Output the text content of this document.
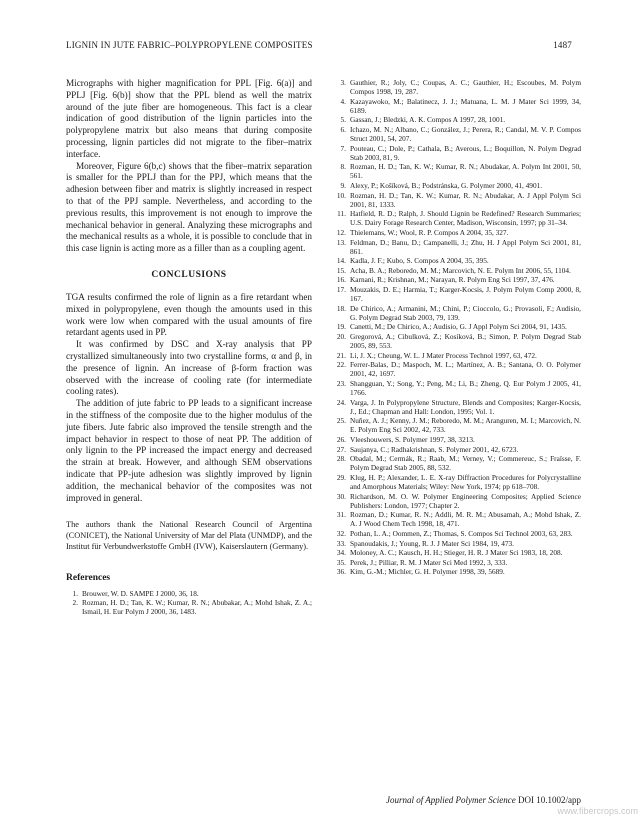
LIGNIN IN JUTE FABRIC–POLYPROPYLENE COMPOSITES	1487

Micrographs with higher magnification for PPL [Fig. 6(a)] and PPLJ [Fig. 6(b)] show that the PPL blend as well the matrix around of the jute fiber are homogeneous. This fact is a clear indication of good distribution of the lignin particles into the polypropylene matrix but also means that during composite processing, lignin particles did not migrate to the fiber–matrix interface.

Moreover, Figure 6(b,c) shows that the fiber–matrix separation is smaller for the PPLJ than for the PPJ, which means that the adhesion between fiber and matrix is slightly increased in respect to that of the PPJ sample. Nevertheless, and according to the previous results, this improvement is not enough to improve the mechanical behavior in general. Analyzing these micrographs and the mechanical results as a whole, it is possible to conclude that in this case lignin is acting more as a filler than as a coupling agent.

CONCLUSIONS

TGA results confirmed the role of lignin as a fire retardant when mixed in polypropylene, even though the amounts used in this work were low when compared with the usual amounts of fire retardant agents used in PP.

It was confirmed by DSC and X-ray analysis that PP crystallized simultaneously into two crystalline forms, α and β, in the presence of lignin. An increase of β-form fraction was observed with the increase of cooling rate (for intermediate cooling rates).

The addition of jute fabric to PP leads to a significant increase in the stiffness of the composite due to the higher modulus of the jute fibers. Jute fabric also improved the tensile strength and the impact behavior in respect to those of neat PP. The addition of only lignin to the PP increased the impact energy and decreased the strain at break. However, and although SEM observations indicate that PP-jute adhesion was slightly improved by lignin addition, the mechanical behavior of the composites was not improved in general.

The authors thank the National Research Council of Argentina (CONICET), the National University of Mar del Plata (UNMDP), and the Institut für Verbundwerkstoffe GmbH (IVW), Kaiserslautern (Germany).

References
1. Brouwer, W. D. SAMPE J 2000, 36, 18.
2. Rozman, H. D.; Tan, K. W.; Kumar, R. N.; Abubakar, A.; Mohd Ishak, Z. A.; Ismail, H. Eur Polym J 2000, 36, 1483.
3. Gauthier, R.; Joly, C.; Coupas, A. C.; Gauthier, H.; Escoubes, M. Polym Compos 1998, 19, 287.
4. Kazayawoko, M.; Balatinecz, J. J.; Matuana, L. M. J Mater Sci 1999, 34, 6189.
5. Gassan, J.; Bledzki, A. K. Compos A 1997, 28, 1001.
6. Ichazo, M. N.; Albano, C.; González, J.; Perera, R.; Candal, M. V. P. Compos Struct 2001, 54, 207.
7. Pouteau, C.; Dole, P.; Cathala, B.; Averous, L.; Boquillon, N. Polym Degrad Stab 2003, 81, 9.
8. Rozman, H. D.; Tan, K. W.; Kumar, R. N.; Abudakar, A. Polym Int 2001, 50, 561.
9. Alexy, P.; Košíková, B.; Podstránska, G. Polymer 2000, 41, 4901.
10. Rozman, H. D.; Tan, K. W.; Kumar, R. N.; Abudakar, A. J Appl Polym Sci 2001, 81, 1333.
11. Hatfield, R. D.; Ralph, J. Should Lignin be Redefined? Research Summaries; U.S. Dairy Forage Research Center, Madison, Wisconsin, 1997; pp 31–34.
12. Thielemans, W.; Wool, R. P. Compos A 2004, 35, 327.
13. Feldman, D.; Banu, D.; Campanelli, J.; Zhu, H. J Appl Polym Sci 2001, 81, 861.
14. Kadla, J. F.; Kubo, S. Compos A 2004, 35, 395.
15. Acha, B. A.; Reboredo, M. M.; Marcovich, N. E. Polym Int 2006, 55, 1104.
16. Karnani, R.; Krishnan, M.; Narayan, R. Polym Eng Sci 1997, 37, 476.
17. Mouzakis, D. E.; Harmia, T.; Karger-Kocsis, J. Polym Polym Comp 2000, 8, 167.
18. De Chirico, A.; Armanini, M.; Chini, P.; Cioccolo, G.; Provasoli, F.; Audisio, G. Polym Degrad Stab 2003, 79, 139.
19. Canetti, M.; De Chirico, A.; Audisio, G. J Appl Polym Sci 2004, 91, 1435.
20. Gregorová, A.; Cibulková, Z.; Kosíková, B.; Simon, P. Polym Degrad Stab 2005, 89, 553.
21. Li, J. X.; Cheung, W. L. J Mater Process Technol 1997, 63, 472.
22. Ferrer-Balas, D.; Maspoch, M. L.; Martínez, A. B.; Santana, O. O. Polymer 2001, 42, 1697.
23. Shangguan, Y.; Song, Y.; Peng, M.; Li, B.; Zheng, Q. Eur Polym J 2005, 41, 1766.
24. Varga, J. In Polypropylene Structure, Blends and Composites; Karger-Kocsis, J., Ed.; Chapman and Hall: London, 1995; Vol. 1.
25. Nuñez, A. J.; Kenny, J. M.; Reboredo, M. M.; Aranguren, M. I.; Marcovich, N. E. Polym Eng Sci 2002, 42, 733.
26. Vleeshouwers, S. Polymer 1997, 38, 3213.
27. Saujanya, C.; Radhakrishnan, S. Polymer 2001, 42, 6723.
28. Obadal, M.; Cermák, R.; Raab, M.; Verney, V.; Commereuc, S.; Fraïsse, F. Polym Degrad Stab 2005, 88, 532.
29. Klug, H. P.; Alexander, L. E. X-ray Diffraction Procedures for Polycrystalline and Amorphous Materials; Wiley: New York, 1974; pp 618–708.
30. Richardson, M. O. W. Polymer Engineering Composites; Applied Science Publishers: London, 1977; Chapter 2.
31. Rozman, D.; Kumar, R. N.; Addli, M. R. M.; Abusamah, A.; Mohd Ishak, Z. A. J Wood Chem Tech 1998, 18, 471.
32. Pothan, L. A.; Oommen, Z.; Thomas, S. Compos Sci Technol 2003, 63, 283.
33. Spanoudakis, J.; Young, R. J. J Mater Sci 1984, 19, 473.
34. Moloney, A. C.; Kausch, H. H.; Stieger, H. R. J Mater Sci 1983, 18, 208.
35. Perek, J.; Pilliar, R. M. J Mater Sci Med 1992, 3, 333.
36. Kim, G.-M.; Michler, G. H. Polymer 1998, 39, 5689.
Journal of Applied Polymer Science DOI 10.1002/app
www.fibercrops.com
